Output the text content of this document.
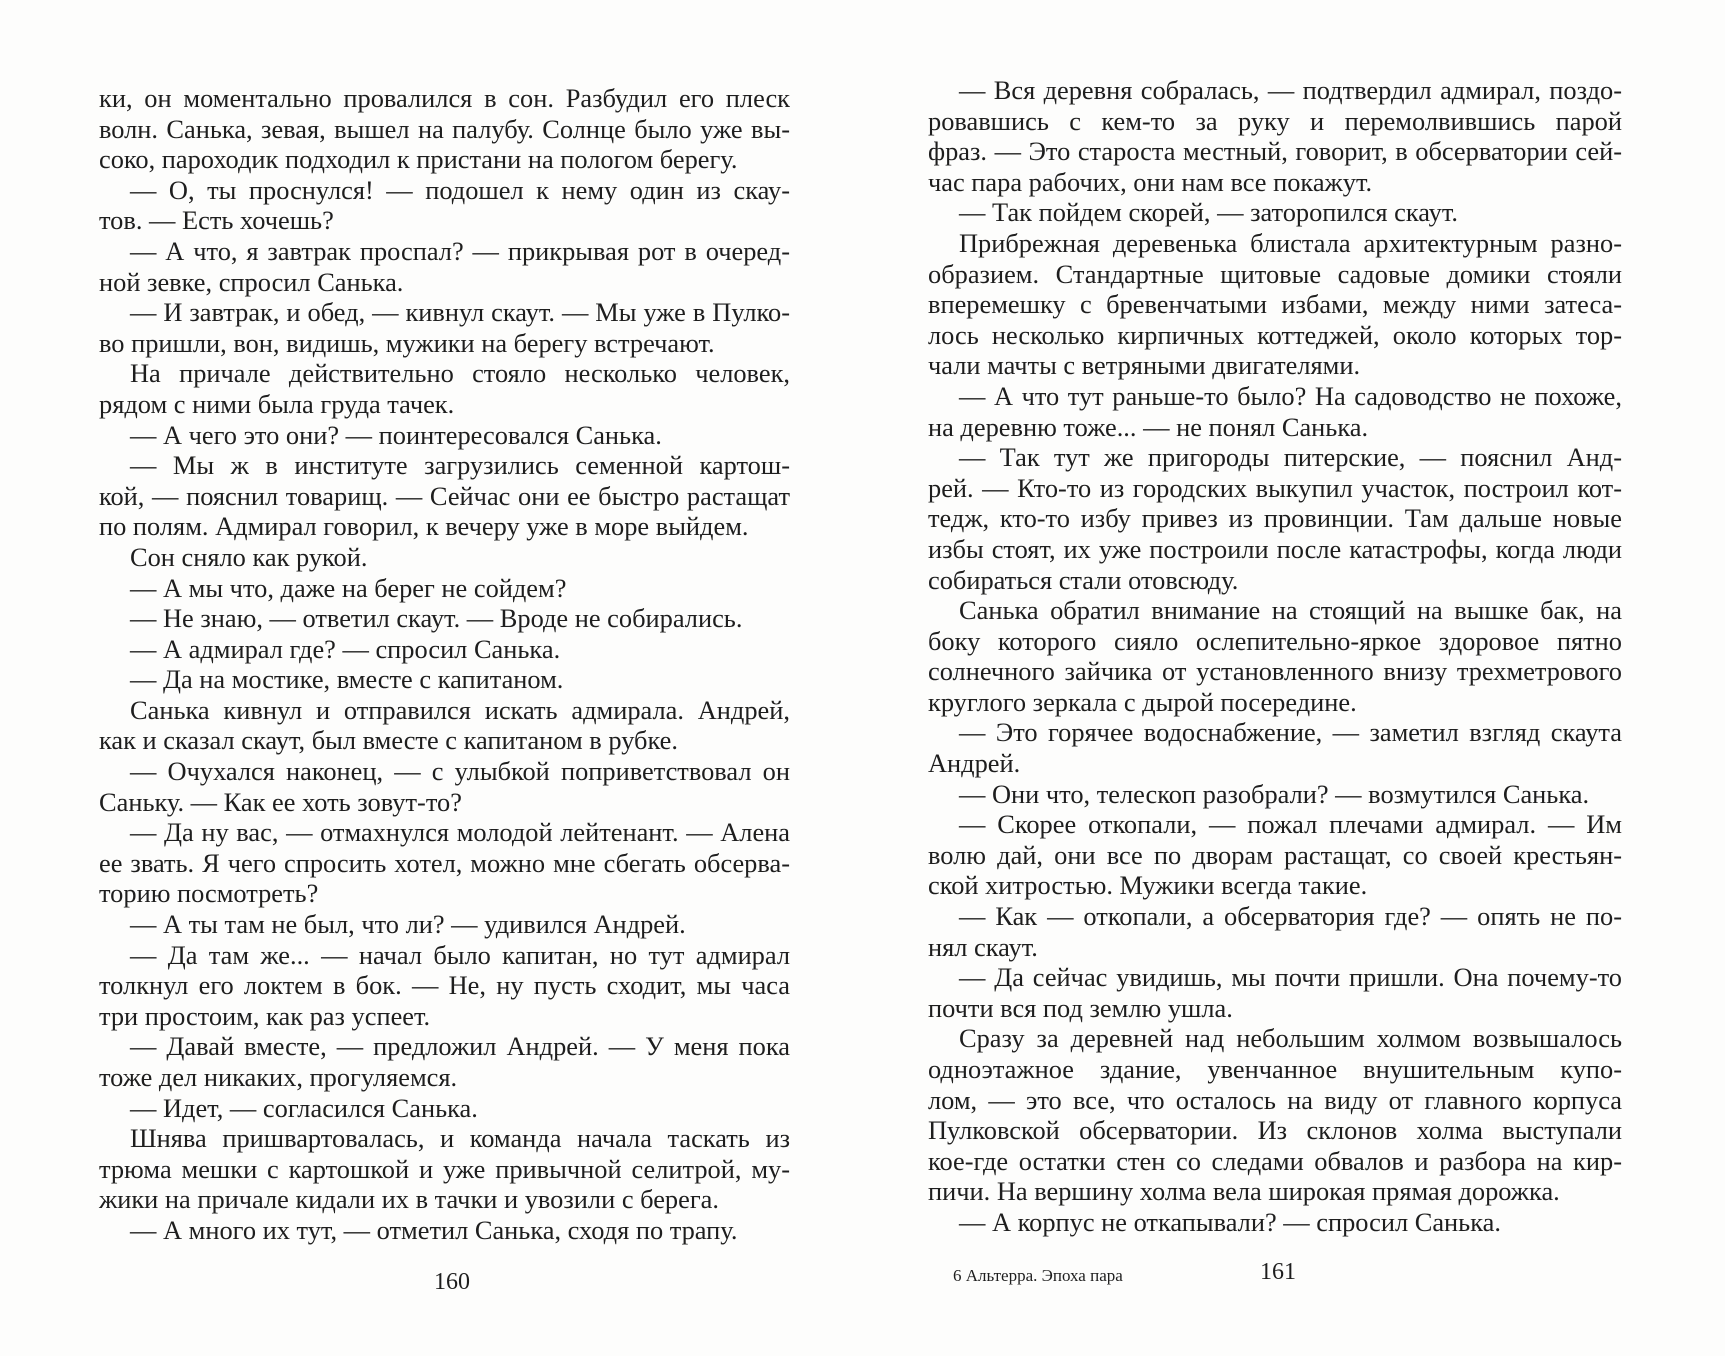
ки, он моментально провалился в сон. Разбудил его плеск
волн. Санька, зевая, вышел на палубу. Солнце было уже вы-
соко, пароходик подходил к пристани на пологом берегу.
— О, ты проснулся! — подошел к нему один из скау-
тов. — Есть хочешь?
— А что, я завтрак проспал? — прикрывая рот в очеред-
ной зевке, спросил Санька.
— И завтрак, и обед, — кивнул скаут. — Мы уже в Пулко-
во пришли, вон, видишь, мужики на берегу встречают.
На причале действительно стояло несколько человек,
рядом с ними была груда тачек.
— А чего это они? — поинтересовался Санька.
— Мы ж в институте загрузились семенной картош-
кой, — пояснил товарищ. — Сейчас они ее быстро растащат
по полям. Адмирал говорил, к вечеру уже в море выйдем.
Сон сняло как рукой.
— А мы что, даже на берег не сойдем?
— Не знаю, — ответил скаут. — Вроде не собирались.
— А адмирал где? — спросил Санька.
— Да на мостике, вместе с капитаном.
Санька кивнул и отправился искать адмирала. Андрей,
как и сказал скаут, был вместе с капитаном в рубке.
— Очухался наконец, — с улыбкой поприветствовал он
Саньку. — Как ее хоть зовут-то?
— Да ну вас, — отмахнулся молодой лейтенант. — Алена
ее звать. Я чего спросить хотел, можно мне сбегать обсерва-
торию посмотреть?
— А ты там не был, что ли? — удивился Андрей.
— Да там же... — начал было капитан, но тут адмирал
толкнул его локтем в бок. — Не, ну пусть сходит, мы часа
три простоим, как раз успеет.
— Давай вместе, — предложил Андрей. — У меня пока
тоже дел никаких, прогуляемся.
— Идет, — согласился Санька.
Шнява пришвартовалась, и команда начала таскать из
трюма мешки с картошкой и уже привычной селитрой, му-
жики на причале кидали их в тачки и увозили с берега.
— А много их тут, — отметил Санька, сходя по трапу.
160
— Вся деревня собралась, — подтвердил адмирал, поздо-
ровавшись с кем-то за руку и перемолвившись парой
фраз. — Это староста местный, говорит, в обсерватории сей-
час пара рабочих, они нам все покажут.
— Так пойдем скорей, — заторопился скаут.
Прибрежная деревенька блистала архитектурным разно-
образием. Стандартные щитовые садовые домики стояли
вперемешку с бревенчатыми избами, между ними затеса-
лось несколько кирпичных коттеджей, около которых тор-
чали мачты с ветряными двигателями.
— А что тут раньше-то было? На садоводство не похоже,
на деревню тоже... — не понял Санька.
— Так тут же пригороды питерские, — пояснил Анд-
рей. — Кто-то из городских выкупил участок, построил кот-
тедж, кто-то избу привез из провинции. Там дальше новые
избы стоят, их уже построили после катастрофы, когда люди
собираться стали отовсюду.
Санька обратил внимание на стоящий на вышке бак, на
боку которого сияло ослепительно-яркое здоровое пятно
солнечного зайчика от установленного внизу трехметрового
круглого зеркала с дырой посередине.
— Это горячее водоснабжение, — заметил взгляд скаута
Андрей.
— Они что, телескоп разобрали? — возмутился Санька.
— Скорее откопали, — пожал плечами адмирал. — Им
волю дай, они все по дворам растащат, со своей крестьян-
ской хитростью. Мужики всегда такие.
— Как — откопали, а обсерватория где? — опять не по-
нял скаут.
— Да сейчас увидишь, мы почти пришли. Она почему-то
почти вся под землю ушла.
Сразу за деревней над небольшим холмом возвышалось
одноэтажное здание, увенчанное внушительным купо-
лом, — это все, что осталось на виду от главного корпуса
Пулковской обсерватории. Из склонов холма выступали
кое-где остатки стен со следами обвалов и разбора на кир-
пичи. На вершину холма вела широкая прямая дорожка.
— А корпус не откапывали? — спросил Санька.
6 Альтерра. Эпоха пара	161
